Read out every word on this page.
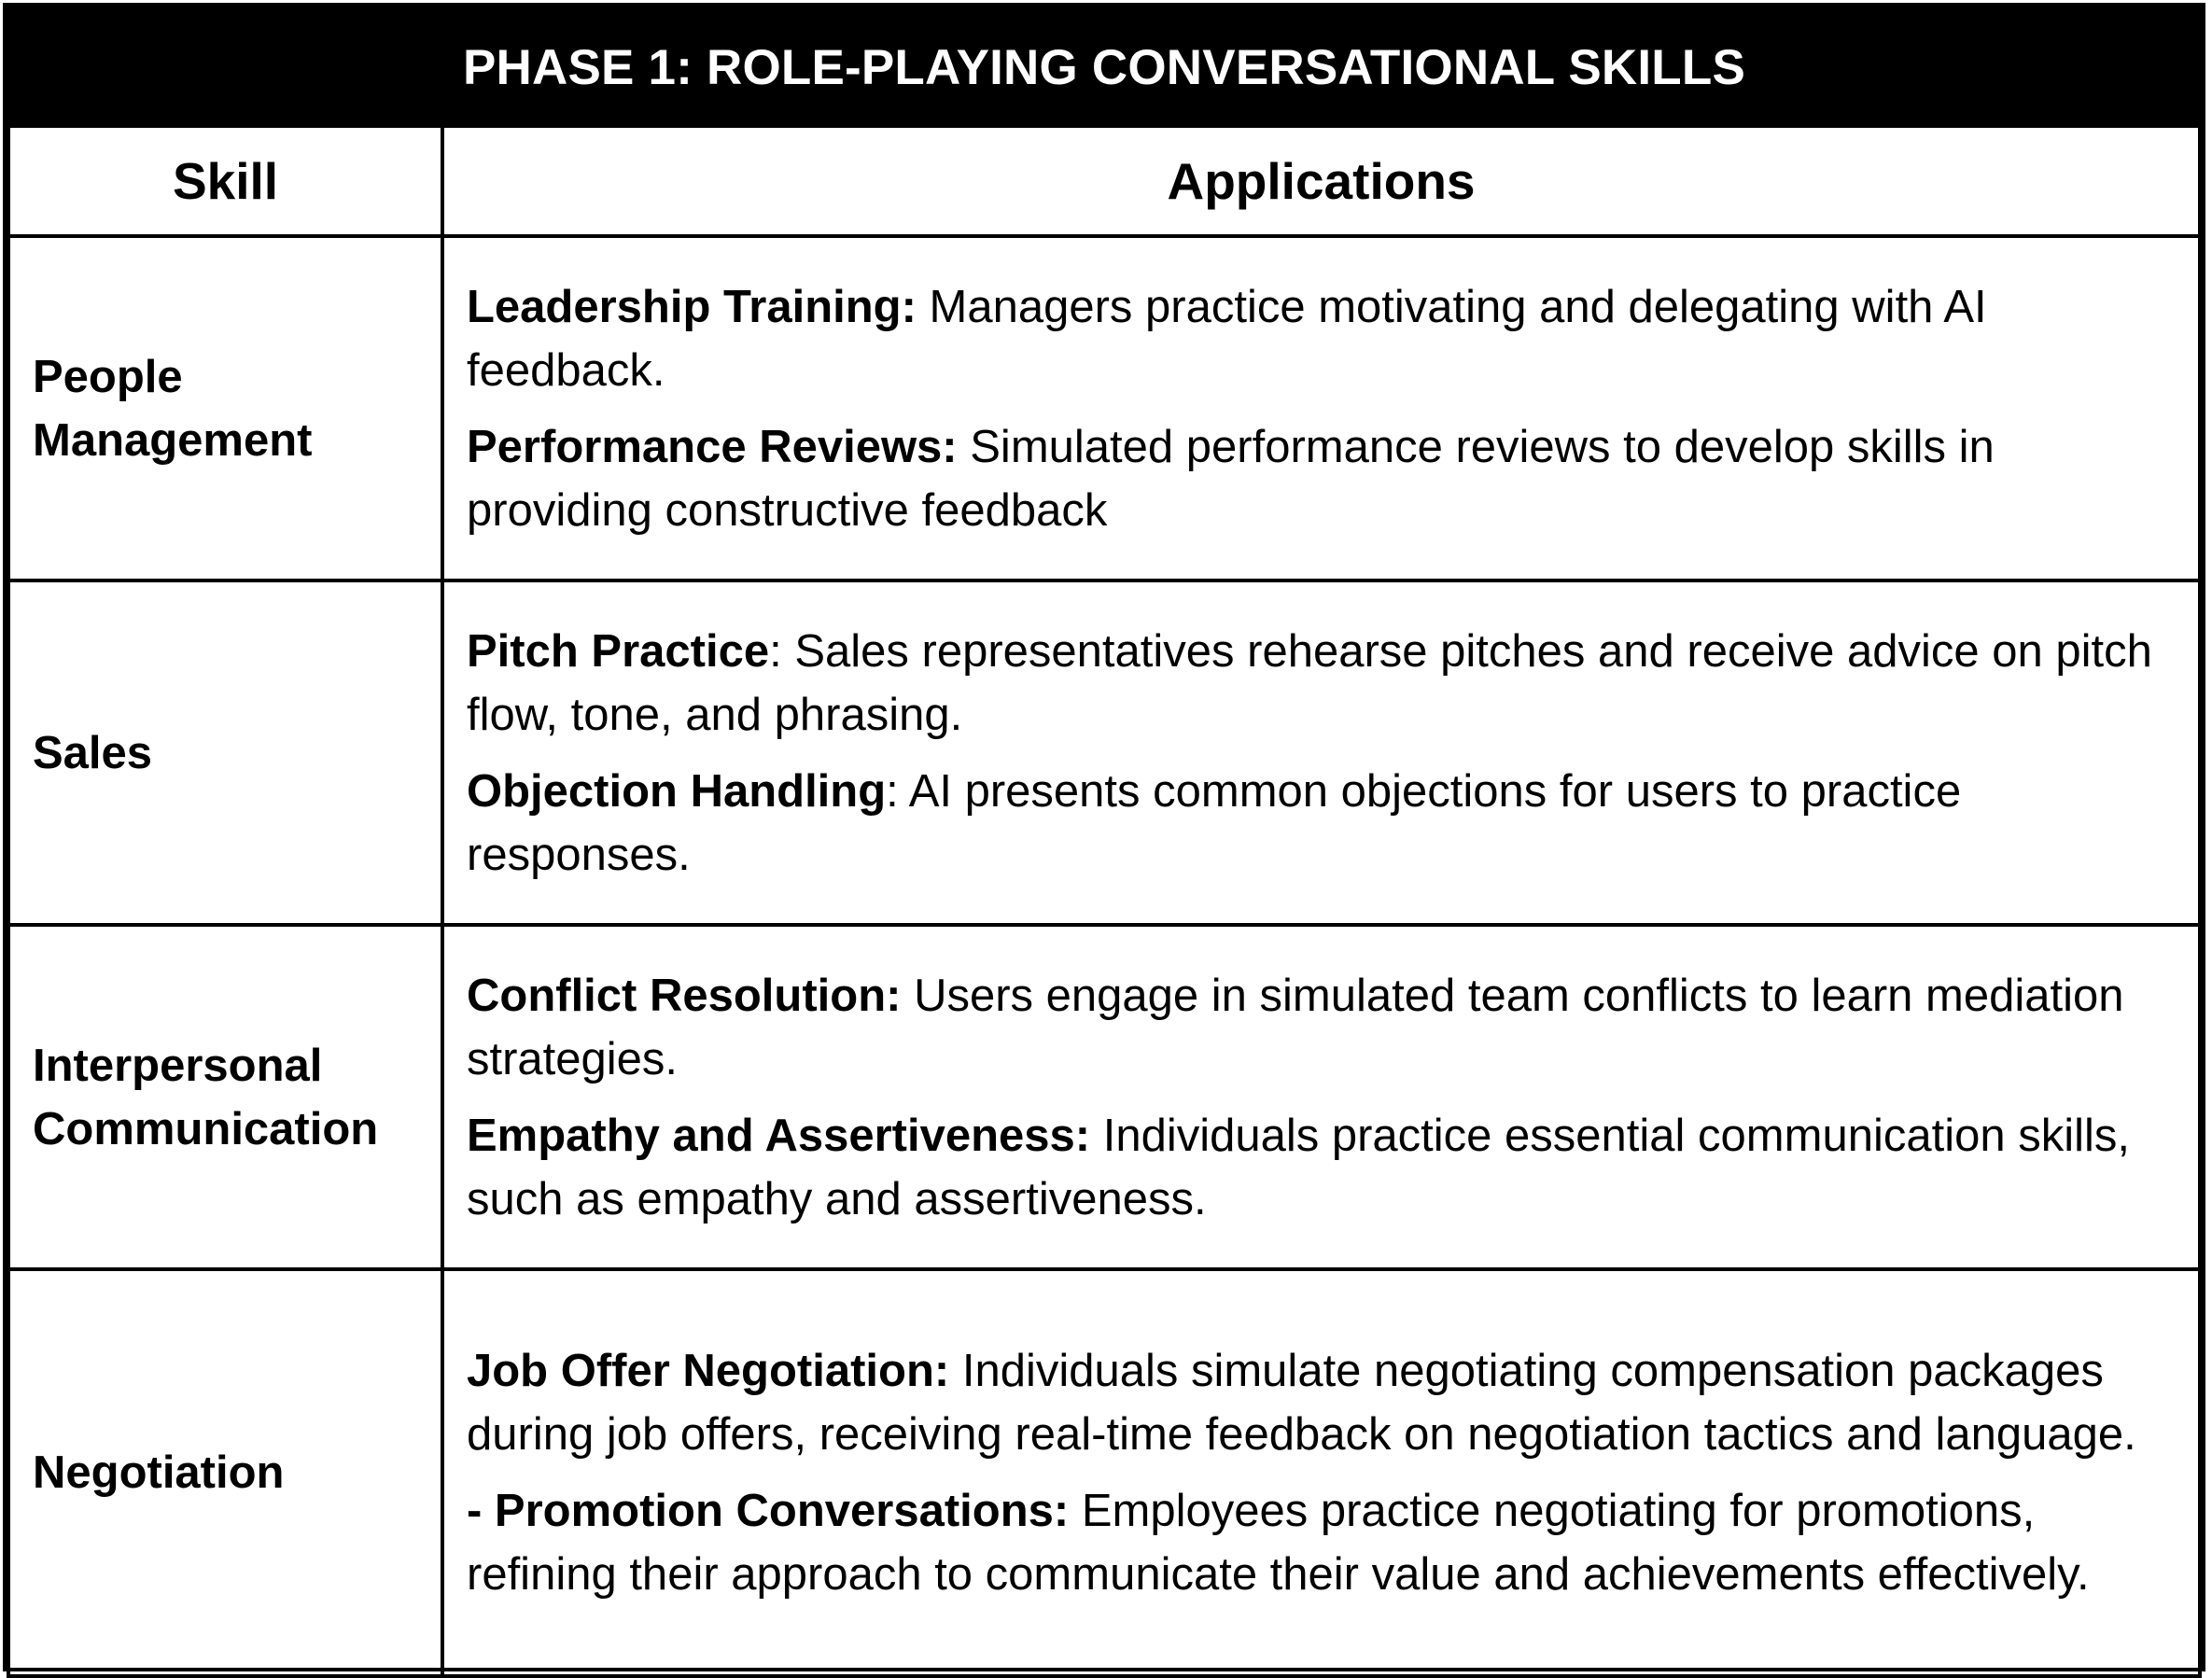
PHASE 1: ROLE-PLAYING CONVERSATIONAL SKILLS	
Skill	Applications
People Management	Leadership Training: Managers practice motivating and delegating with AI feedback.

Performance Reviews: Simulated performance reviews to develop skills in providing constructive feedback

Sales	Pitch Practice: Sales representatives rehearse pitches and receive advice on pitch flow, tone, and phrasing.

Objection Handling: AI presents common objections for users to practice responses.

Interpersonal Communication	Conflict Resolution: Users engage in simulated team conflicts to learn mediation strategies.

Empathy and Assertiveness: Individuals practice essential communication skills, such as empathy and assertiveness.

Negotiation	Job Offer Negotiation: Individuals simulate negotiating compensation packages during job offers, receiving real-time feedback on negotiation tactics and language.

- Promotion Conversations: Employees practice negotiating for promotions, refining their approach to communicate their value and achievements effectively.
